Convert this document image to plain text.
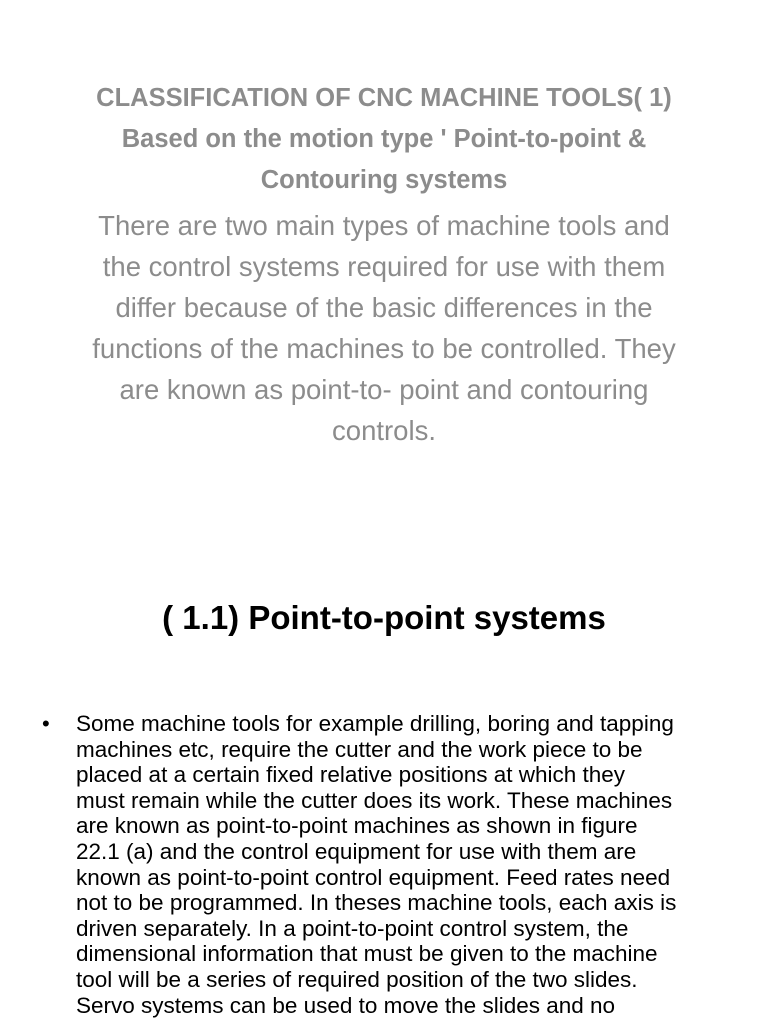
CLASSIFICATION OF CNC MACHINE TOOLS( 1)
Based on the motion type ' Point-to-point &
Contouring systems
There are two main types of machine tools and
the control systems required for use with them
differ because of the basic differences in the
functions of the machines to be controlled. They
are known as point-to- point and contouring
controls.
( 1.1) Point-to-point systems
• Some machine tools for example drilling, boring and tapping
machines etc, require the cutter and the work piece to be
placed at a certain fixed relative positions at which they
must remain while the cutter does its work. These machines
are known as point-to-point machines as shown in figure
22.1 (a) and the control equipment for use with them are
known as point-to-point control equipment. Feed rates need
not to be programmed. In theses machine tools, each axis is
driven separately. In a point-to-point control system, the
dimensional information that must be given to the machine
tool will be a series of required position of the two slides.
Servo systems can be used to move the slides and no
